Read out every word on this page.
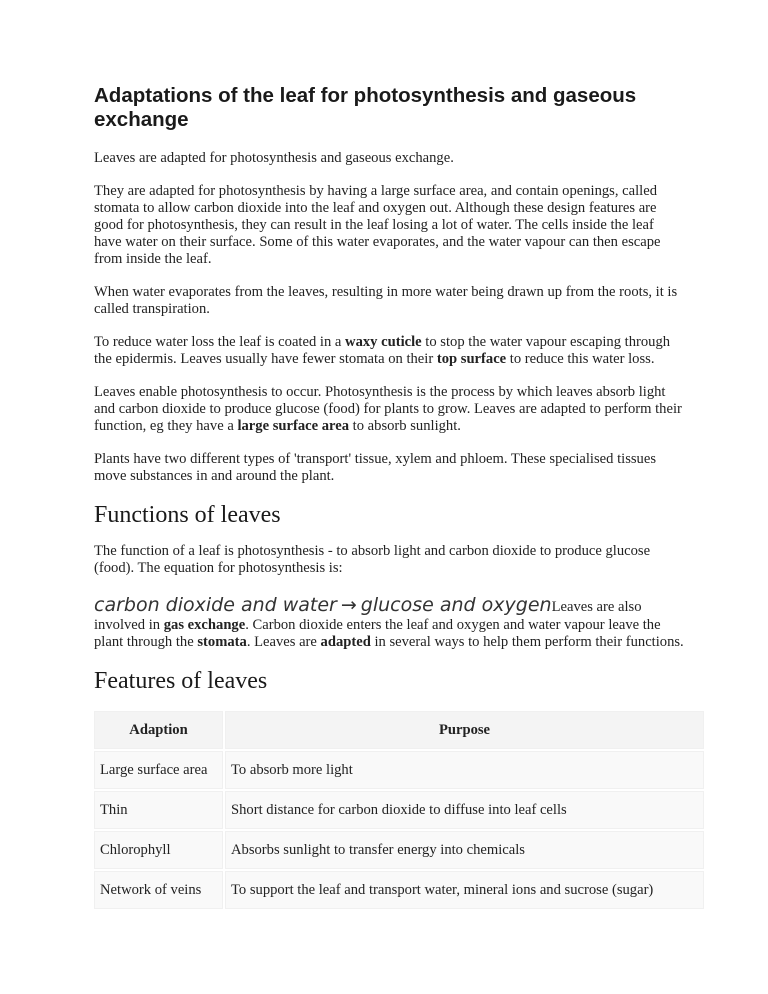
Adaptations of the leaf for photosynthesis and gaseous exchange

Leaves are adapted for photosynthesis and gaseous exchange.

They are adapted for photosynthesis by having a large surface area, and contain openings, called stomata to allow carbon dioxide into the leaf and oxygen out. Although these design features are good for photosynthesis, they can result in the leaf losing a lot of water. The cells inside the leaf have water on their surface. Some of this water evaporates, and the water vapour can then escape from inside the leaf.

When water evaporates from the leaves, resulting in more water being drawn up from the roots, it is called transpiration.

To reduce water loss the leaf is coated in a waxy cuticle to stop the water vapour escaping through the epidermis. Leaves usually have fewer stomata on their top surface to reduce this water loss.

Leaves enable photosynthesis to occur. Photosynthesis is the process by which leaves absorb light and carbon dioxide to produce glucose (food) for plants to grow. Leaves are adapted to perform their function, eg they have a large surface area to absorb sunlight.

Plants have two different types of 'transport' tissue, xylem and phloem. These specialised tissues move substances in and around the plant.

Functions of leaves

The function of a leaf is photosynthesis - to absorb light and carbon dioxide to produce glucose (food). The equation for photosynthesis is:

carbon dioxide and water → glucose and oxygenLeaves are also involved in gas exchange. Carbon dioxide enters the leaf and oxygen and water vapour leave the plant through the stomata. Leaves are adapted in several ways to help them perform their functions.

Features of leaves
Adaption	Purpose
Large surface area	To absorb more light
Thin	Short distance for carbon dioxide to diffuse into leaf cells
Chlorophyll	Absorbs sunlight to transfer energy into chemicals
Network of veins	To support the leaf and transport water, mineral ions and sucrose (sugar)
